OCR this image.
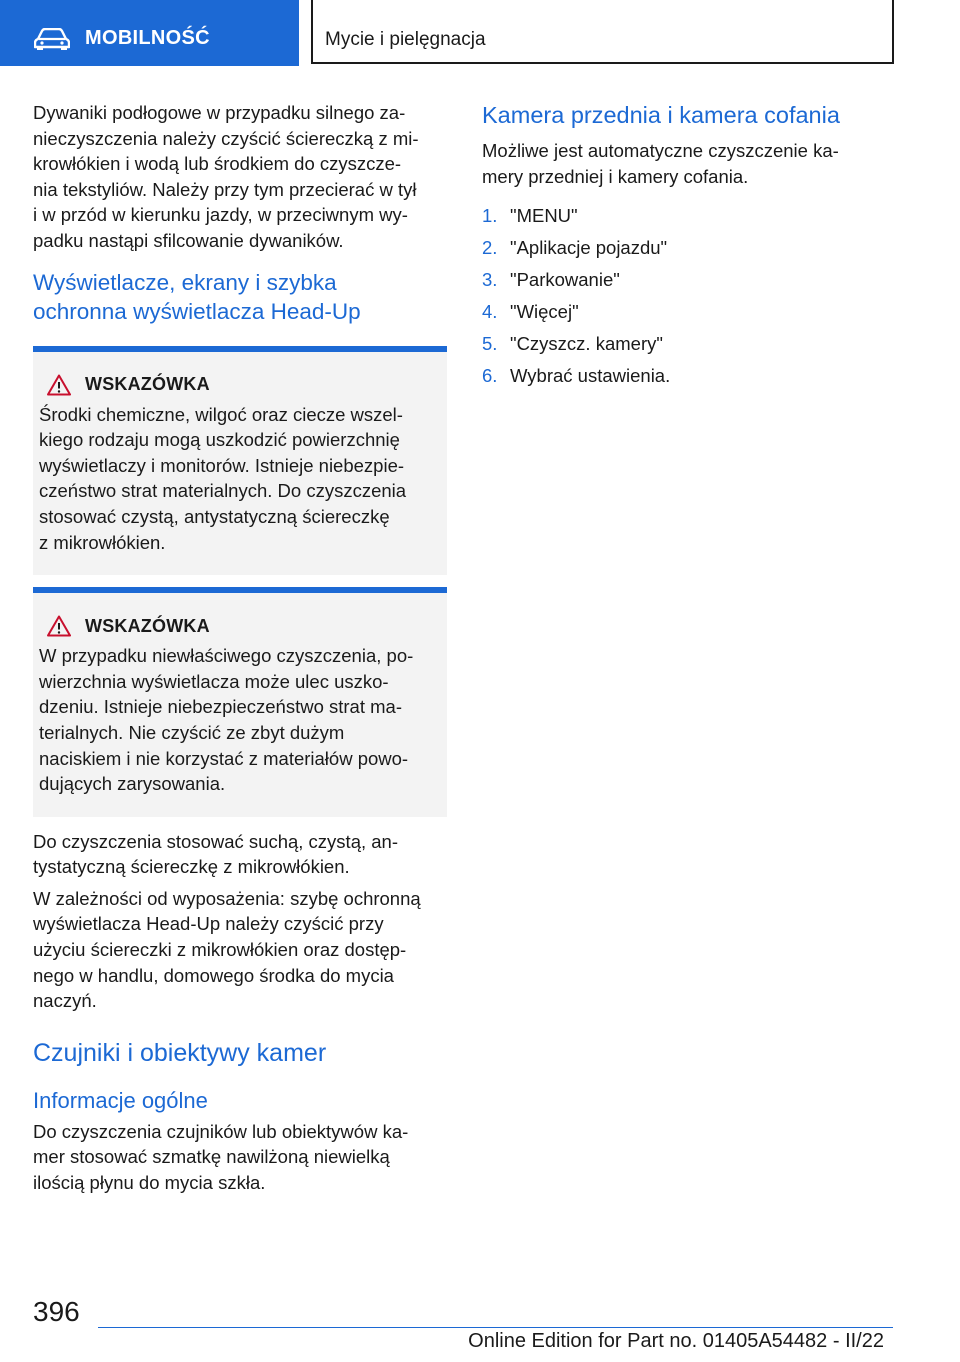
MOBILNOŚĆ	Mycie i pielęgnacja

Dywaniki podłogowe w przypadku silnego za-
nieczyszczenia należy czyścić ściereczką z mi-
krowłókien i wodą lub środkiem do czyszcze-
nia tekstyliów. Należy przy tym przecierać w tył
i w przód w kierunku jazdy, w przeciwnym wy-
padku nastąpi sfilcowanie dywaników.

Wyświetlacze, ekrany i szybka
ochronna wyświetlacza Head-Up
WSKAZÓWKA

Środki chemiczne, wilgoć oraz ciecze wszel-
kiego rodzaju mogą uszkodzić powierzchnię
wyświetlaczy i monitorów. Istnieje niebezpie-
czeństwo strat materialnych. Do czyszczenia
stosować czystą, antystatyczną ściereczkę
z mikrowłókien.

WSKAZÓWKA

W przypadku niewłaściwego czyszczenia, po-
wierzchnia wyświetlacza może ulec uszko-
dzeniu. Istnieje niebezpieczeństwo strat ma-
terialnych. Nie czyścić ze zbyt dużym
naciskiem i nie korzystać z materiałów powo-
dujących zarysowania.

Do czyszczenia stosować suchą, czystą, an-
tystatyczną ściereczkę z mikrowłókien.

W zależności od wyposażenia: szybę ochronną
wyświetlacza Head-Up należy czyścić przy
użyciu ściereczki z mikrowłókien oraz dostęp-
nego w handlu, domowego środka do mycia
naczyń.

Czujniki i obiektywy kamer
Informacje ogólne

Do czyszczenia czujników lub obiektywów ka-
mer stosować szmatkę nawilżoną niewielką
ilością płynu do mycia szkła.

Kamera przednia i kamera cofania

Możliwe jest automatyczne czyszczenie ka-
mery przedniej i kamery cofania.

1. "MENU"
2. "Aplikacje pojazdu"
3. "Parkowanie"
4. "Więcej"
5. "Czyszcz. kamery"
6. Wybrać ustawienia.
396
Online Edition for Part no. 01405A54482 - II/22
